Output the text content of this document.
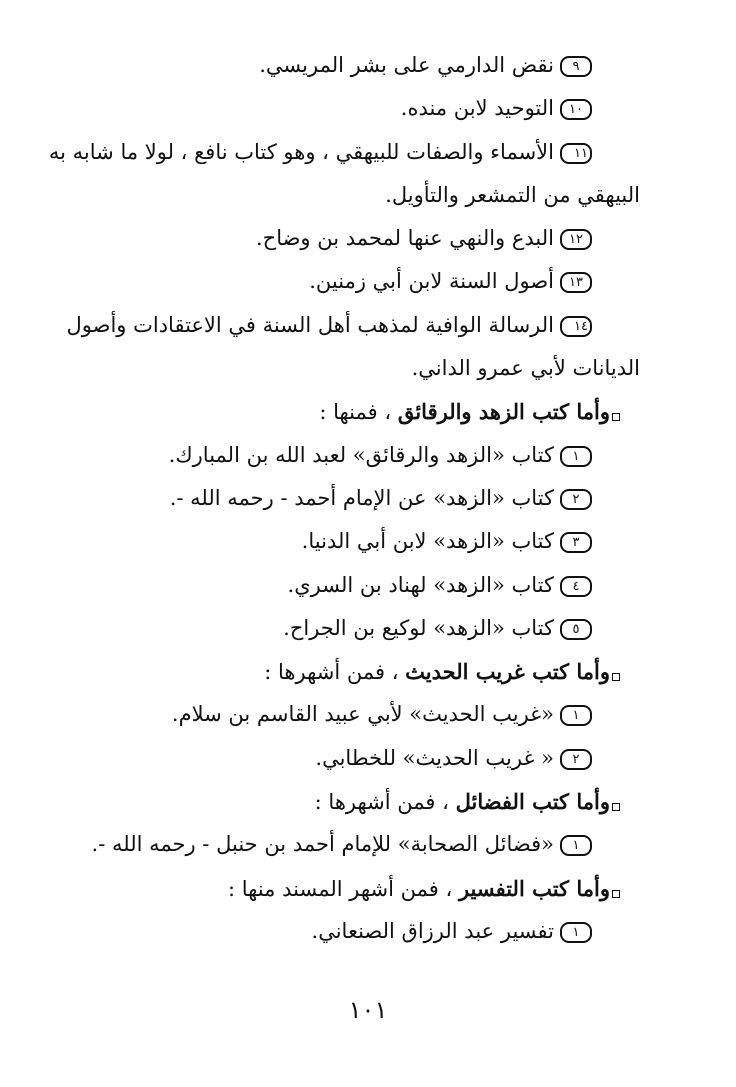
٩نقض الدارمي على بشر المريسي.
١٠التوحيد لابن منده.
١١الأسماء والصفات للبيهقي ، وهو كتاب نافع ، لولا ما شابه به
البيهقي من التمشعر والتأويل.
١٢البدع والنهي عنها لمحمد بن وضاح.
١٣أصول السنة لابن أبي زمنين.
١٤الرسالة الوافية لمذهب أهل السنة في الاعتقادات وأصول
الديانات لأبي عمرو الداني.
وأما كتب الزهد والرقائق ، فمنها :
١كتاب «الزهد والرقائق» لعبد الله بن المبارك.
٢كتاب «الزهد» عن الإمام أحمد - رحمه الله -.
٣كتاب «الزهد» لابن أبي الدنيا.
٤كتاب «الزهد» لهناد بن السري.
٥كتاب «الزهد» لوكيع بن الجراح.
وأما كتب غريب الحديث ، فمن أشهرها :
١«غريب الحديث» لأبي عبيد القاسم بن سلام.
٢« غريب الحديث» للخطابي.
وأما كتب الفضائل ، فمن أشهرها :
١«فضائل الصحابة» للإمام أحمد بن حنبل - رحمه الله -.
وأما كتب التفسير ، فمن أشهر المسند منها :
١تفسير عبد الرزاق الصنعاني.
١٠١
